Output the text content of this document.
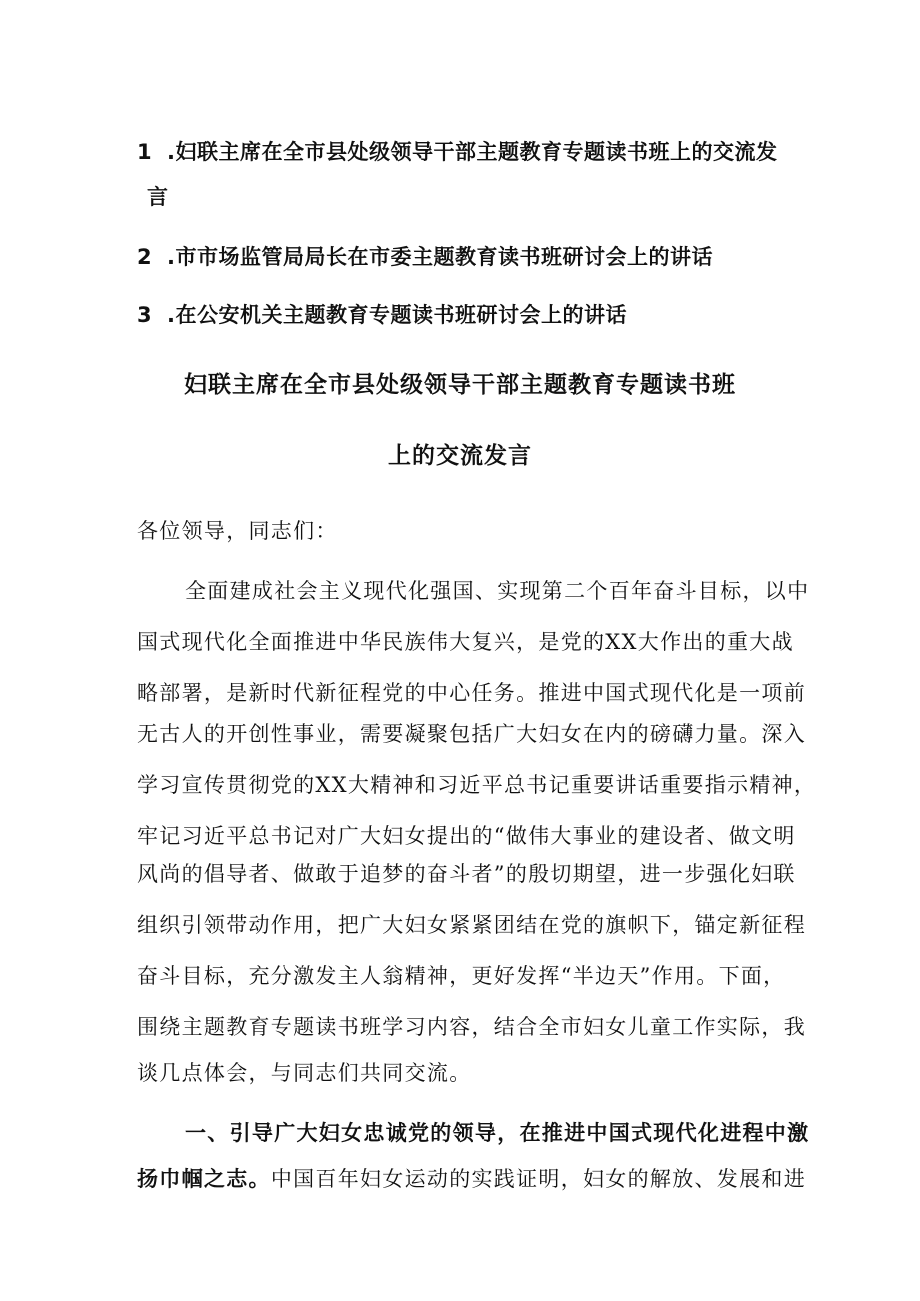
1 .妇联主席在全市县处级领导干部主题教育专题读书班上的交流发
言
2 .市市场监管局局长在市委主题教育读书班研讨会上的讲话
3 .在公安机关主题教育专题读书班研讨会上的讲话
妇联主席在全市县处级领导干部主题教育专题读书班
上的交流发言
各位领导，同志们：
全面建成社会主义现代化强国、实现第二个百年奋斗目标，以中
国式现代化全面推进中华民族伟大复兴，是党的XX大作出的重大战
略部署，是新时代新征程党的中心任务。推进中国式现代化是一项前
无古人的开创性事业，需要凝聚包括广大妇女在内的磅礴力量。深入
学习宣传贯彻党的XX大精神和习近平总书记重要讲话重要指示精神，
牢记习近平总书记对广大妇女提出的“做伟大事业的建设者、做文明
风尚的倡导者、做敢于追梦的奋斗者”的殷切期望，进一步强化妇联
组织引领带动作用，把广大妇女紧紧团结在党的旗帜下，锚定新征程
奋斗目标，充分激发主人翁精神，更好发挥“半边天”作用。下面，
围绕主题教育专题读书班学习内容，结合全市妇女儿童工作实际，我
谈几点体会，与同志们共同交流。
一、引导广大妇女忠诚党的领导，在推进中国式现代化进程中激
扬巾帼之志。中国百年妇女运动的实践证明，妇女的解放、发展和进
